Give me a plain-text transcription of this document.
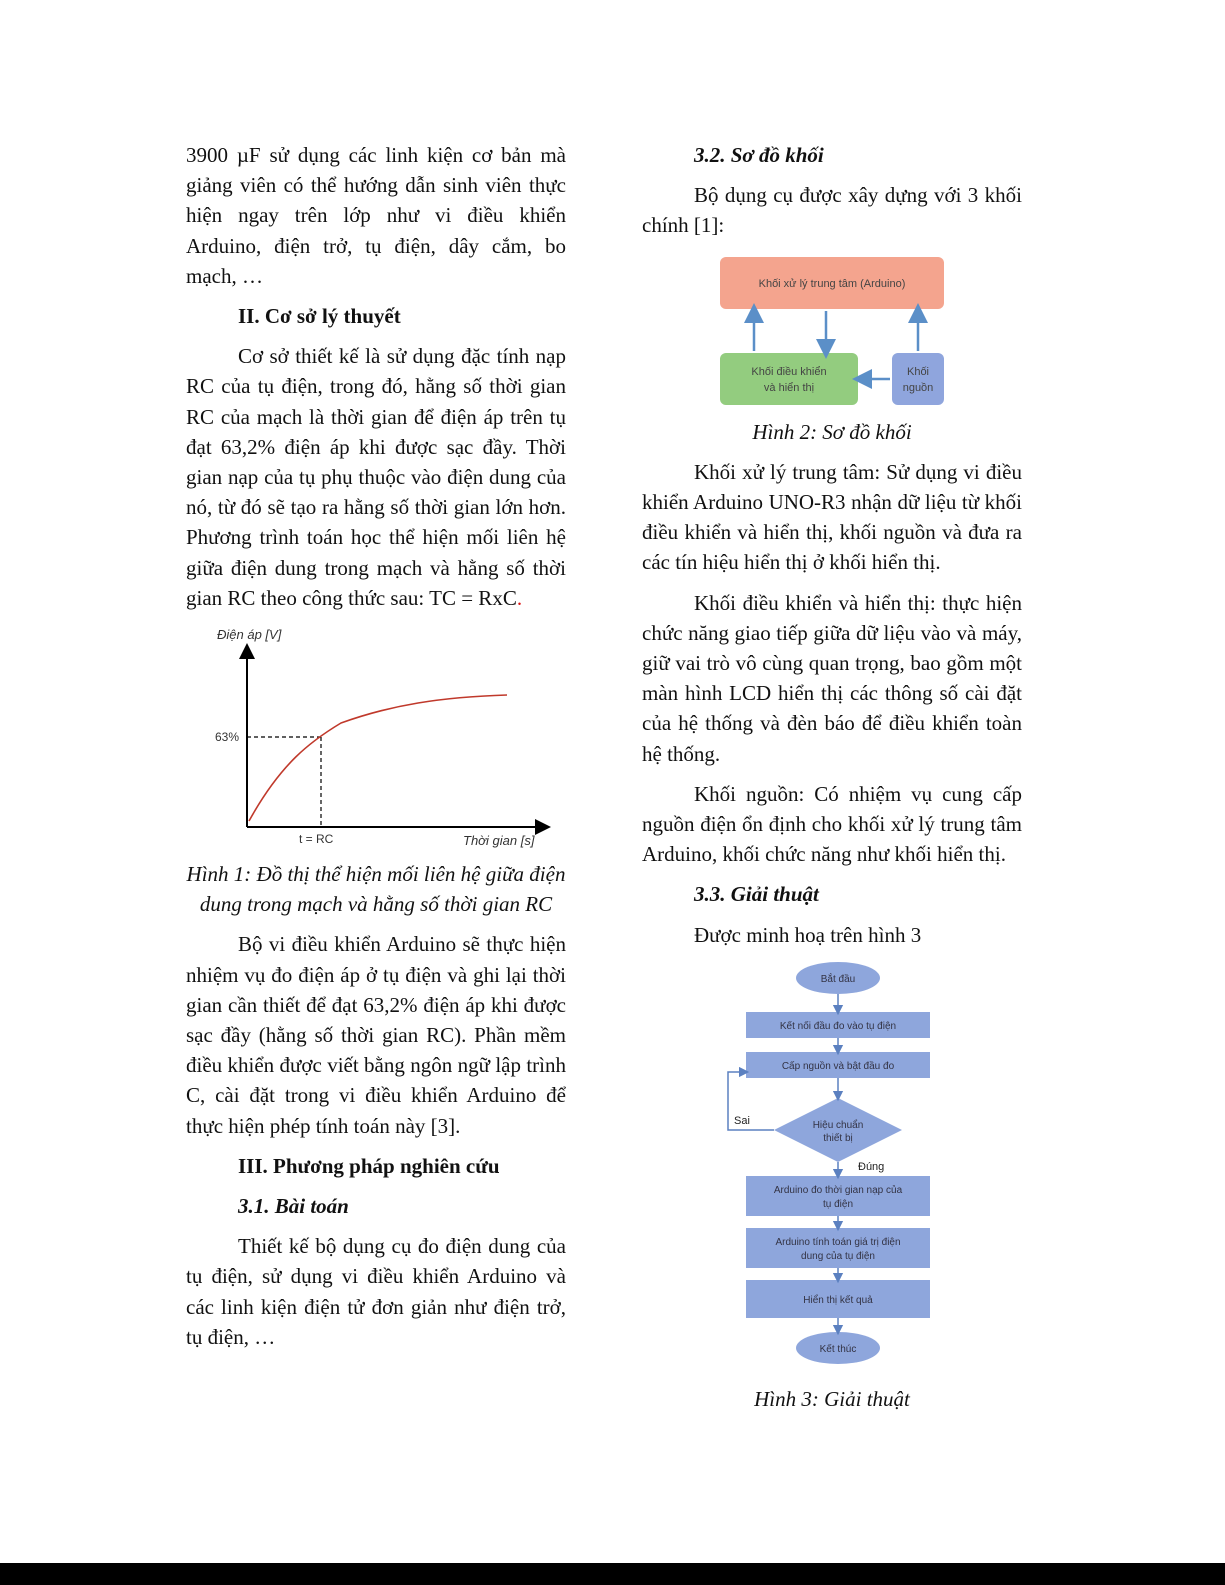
3900 µF sử dụng các linh kiện cơ bản mà giảng viên có thể hướng dẫn sinh viên thực hiện ngay trên lớp như vi điều khiển Arduino, điện trở, tụ điện, dây cắm, bo mạch, …

II. Cơ sở lý thuyết

Cơ sở thiết kế là sử dụng đặc tính nạp RC của tụ điện, trong đó, hằng số thời gian RC của mạch là thời gian để điện áp trên tụ đạt 63,2% điện áp khi được sạc đầy. Thời gian nạp của tụ phụ thuộc vào điện dung của nó, từ đó sẽ tạo ra hằng số thời gian lớn hơn. Phương trình toán học thể hiện mối liên hệ giữa điện dung trong mạch và hằng số thời gian RC theo công thức sau: TC = RxC.

Điện áp [V]
63%
t = RC	Thời gian [s]

Hình 1: Đồ thị thể hiện mối liên hệ giữa điện dung trong mạch và hằng số thời gian RC

Bộ vi điều khiển Arduino sẽ thực hiện nhiệm vụ đo điện áp ở tụ điện và ghi lại thời gian cần thiết để đạt 63,2% điện áp khi được sạc đầy (hằng số thời gian RC). Phần mềm điều khiển được viết bằng ngôn ngữ lập trình C, cài đặt trong vi điều khiển Arduino để thực hiện phép tính toán này [3].

III. Phương pháp nghiên cứu

3.1. Bài toán

Thiết kế bộ dụng cụ đo điện dung của tụ điện, sử dụng vi điều khiển Arduino và các linh kiện điện tử đơn giản như điện trở, tụ điện, …

3.2. Sơ đồ khối

Bộ dụng cụ được xây dựng với 3 khối chính [1]:

Khối xử lý trung tâm (Arduino)
Khối điều khiển
và hiển thị
Khối
nguồn

Hình 2: Sơ đồ khối

Khối xử lý trung tâm: Sử dụng vi điều khiển Arduino UNO-R3 nhận dữ liệu từ khối điều khiển và hiển thị, khối nguồn và đưa ra các tín hiệu hiển thị ở khối hiển thị.

Khối điều khiển và hiển thị: thực hiện chức năng giao tiếp giữa dữ liệu vào và máy, giữ vai trò vô cùng quan trọng, bao gồm một màn hình LCD hiển thị các thông số cài đặt của hệ thống và đèn báo để điều khiển toàn hệ thống.

Khối nguồn: Có nhiệm vụ cung cấp nguồn điện ổn định cho khối xử lý trung tâm Arduino, khối chức năng như khối hiển thị.

3.3. Giải thuật

Được minh hoạ trên hình 3

Bắt đầu
Kết nối đầu đo vào tụ điện
Cấp nguồn và bật đầu đo
Hiệu chuẩn
thiết bị
Arduino đo thời gian nạp của
tụ điện
Arduino tính toán giá trị điện
dung của tụ điện
Hiển thị kết quả
Kết thúc
Sai
Đúng

Hình 3: Giải thuật
